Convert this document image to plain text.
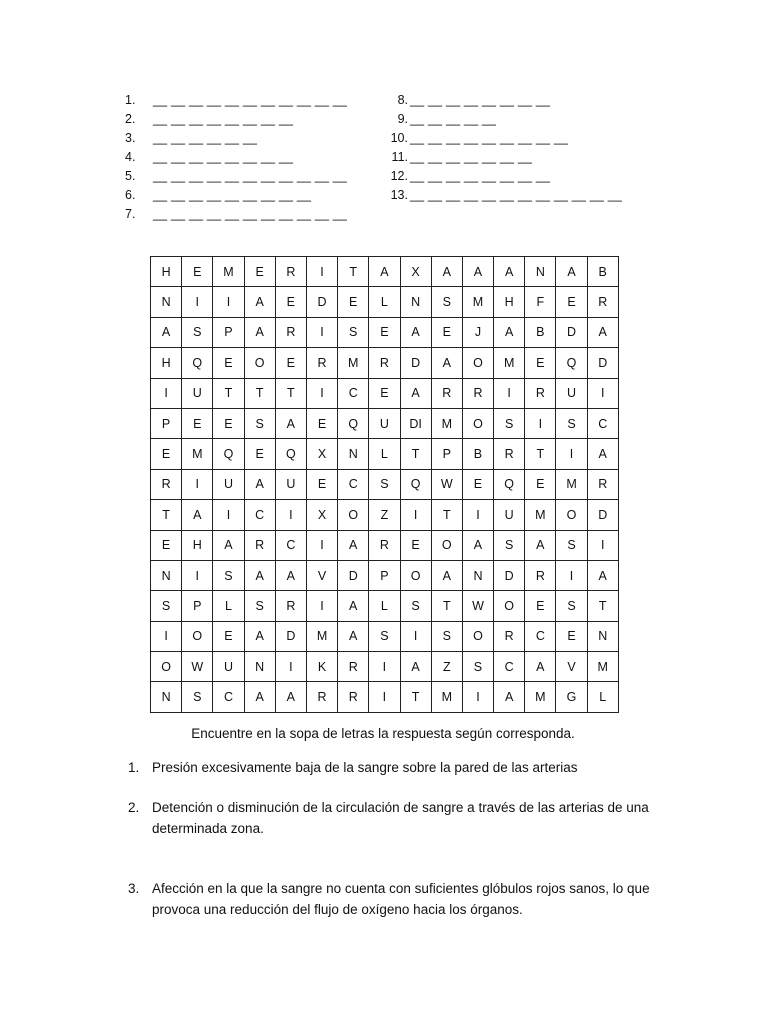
1.	__ __ __ __ __ __ __ __ __ __ __
2.	__ __ __ __ __ __ __ __
3.	__ __ __ __ __ __
4.	__ __ __ __ __ __ __ __
5.	__ __ __ __ __ __ __ __ __ __ __
6.	__ __ __ __ __ __ __ __ __
7.	__ __ __ __ __ __ __ __ __ __ __
8. __ __ __ __ __ __ __ __
9. __ __ __ __ __
10. __ __ __ __ __ __ __ __ __
11. __ __ __ __ __ __ __
12. __ __ __ __ __ __ __ __
13. __ __ __ __ __ __ __ __ __ __ __ __
H	E	M	E	R	I	T	A	X	A	A	A	N	A	B
N	I	I	A	E	D	E	L	N	S	M	H	F	E	R
A	S	P	A	R	I	S	E	A	E	J	A	B	D	A
H	Q	E	O	E	R	M	R	D	A	O	M	E	Q	D
I	U	T	T	T	I	C	E	A	R	R	I	R	U	I
P	E	E	S	A	E	Q	U	DI	M	O	S	I	S	C
E	M	Q	E	Q	X	N	L	T	P	B	R	T	I	A
R	I	U	A	U	E	C	S	Q	W	E	Q	E	M	R
T	A	I	C	I	X	O	Z	I	T	I	U	M	O	D
E	H	A	R	C	I	A	R	E	O	A	S	A	S	I
N	I	S	A	A	V	D	P	O	A	N	D	R	I	A
S	P	L	S	R	I	A	L	S	T	W	O	E	S	T
I	O	E	A	D	M	A	S	I	S	O	R	C	E	N
O	W	U	N	I	K	R	I	A	Z	S	C	A	V	M
N	S	C	A	A	R	R	I	T	M	I	A	M	G	L
Encuentre en la sopa de letras la respuesta según corresponda.
1. Presión excesivamente baja de la sangre sobre la pared de las arterias
2. Detención o disminución de la circulación de sangre a través de las arterias de una determinada zona.
3. Afección en la que la sangre no cuenta con suficientes glóbulos rojos sanos, lo que provoca una reducción del flujo de oxígeno hacia los órganos.
